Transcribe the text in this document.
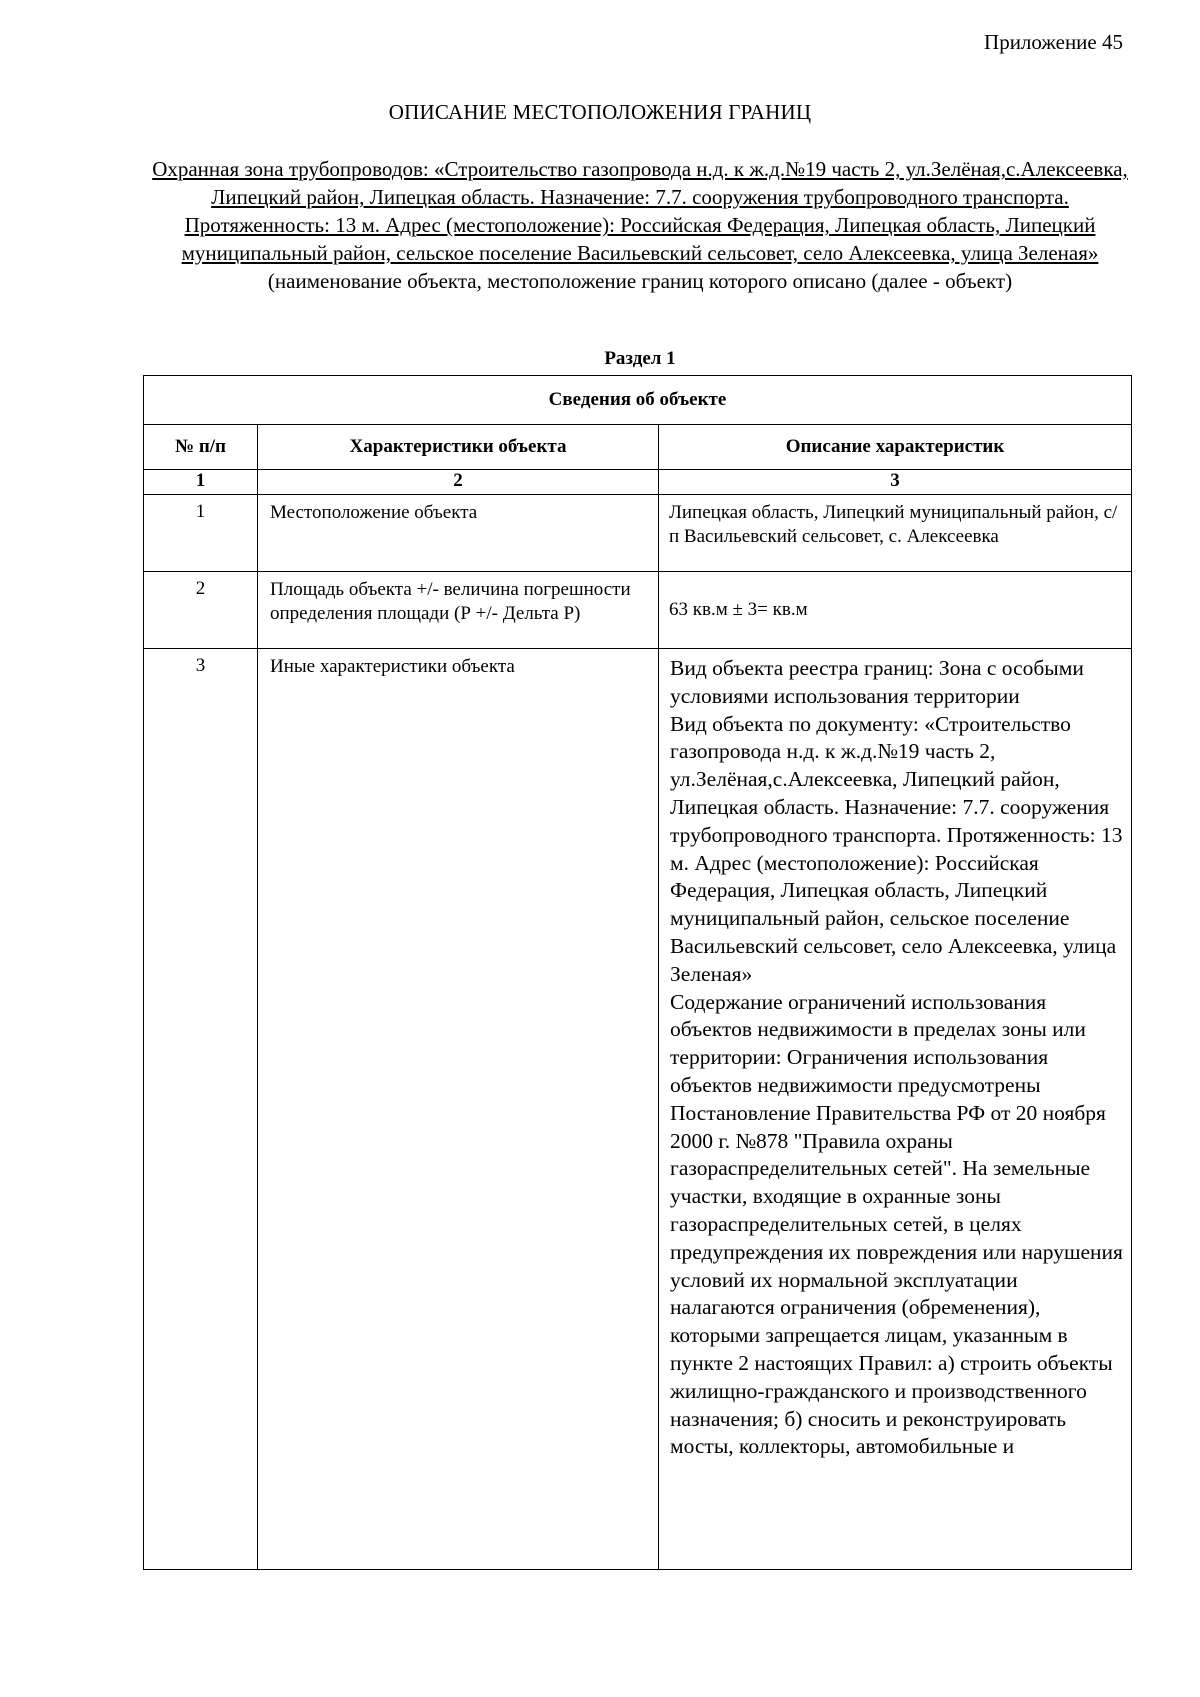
Приложение 45
ОПИСАНИЕ МЕСТОПОЛОЖЕНИЯ ГРАНИЦ
Охранная зона трубопроводов: «Строительство газопровода н.д. к ж.д.№19 часть 2, ул.Зелёная,с.Алексеевка, Липецкий район, Липецкая область. Назначение: 7.7. сооружения трубопроводного транспорта. Протяженность: 13 м. Адрес (местоположение): Российская Федерация, Липецкая область, Липецкий муниципальный район, сельское поселение Васильевский сельсовет, село Алексеевка, улица Зеленая»
(наименование объекта, местоположение границ которого описано (далее - объект)
Раздел 1
Сведения об объекте		
№ п/п	Характеристики объекта	Описание характеристик
1	2	3
1	Местоположение объекта	Липецкая область, Липецкий муниципальный район, с/п Васильевский сельсовет, с. Алексеевка
2	Площадь объекта +/- величина погрешности определения площади (Р +/- Дельта Р)	63 кв.м ± 3= кв.м
3	Иные характеристики объекта	Вид объекта реестра границ: Зона с особыми условиями использования территории
Вид объекта по документу: «Строительство газопровода н.д. к ж.д.№19 часть 2, ул.Зелёная,с.Алексеевка, Липецкий район, Липецкая область. Назначение: 7.7. сооружения трубопроводного транспорта. Протяженность: 13 м. Адрес (местоположение): Российская Федерация, Липецкая область, Липецкий муниципальный район, сельское поселение Васильевский сельсовет, село Алексеевка, улица Зеленая»
Содержание ограничений использования объектов недвижимости в пределах зоны или территории: Ограничения использования объектов недвижимости предусмотрены Постановление Правительства РФ от 20 ноября 2000 г. №878 "Правила охраны газораспределительных сетей". На земельные участки, входящие в охранные зоны газораспределительных сетей, в целях предупреждения их повреждения или нарушения условий их нормальной эксплуатации налагаются ограничения (обременения), которыми запрещается лицам, указанным в пункте 2 настоящих Правил: а) строить объекты жилищно-гражданского и производственного назначения; б) сносить и реконструировать мосты, коллекторы, автомобильные и
